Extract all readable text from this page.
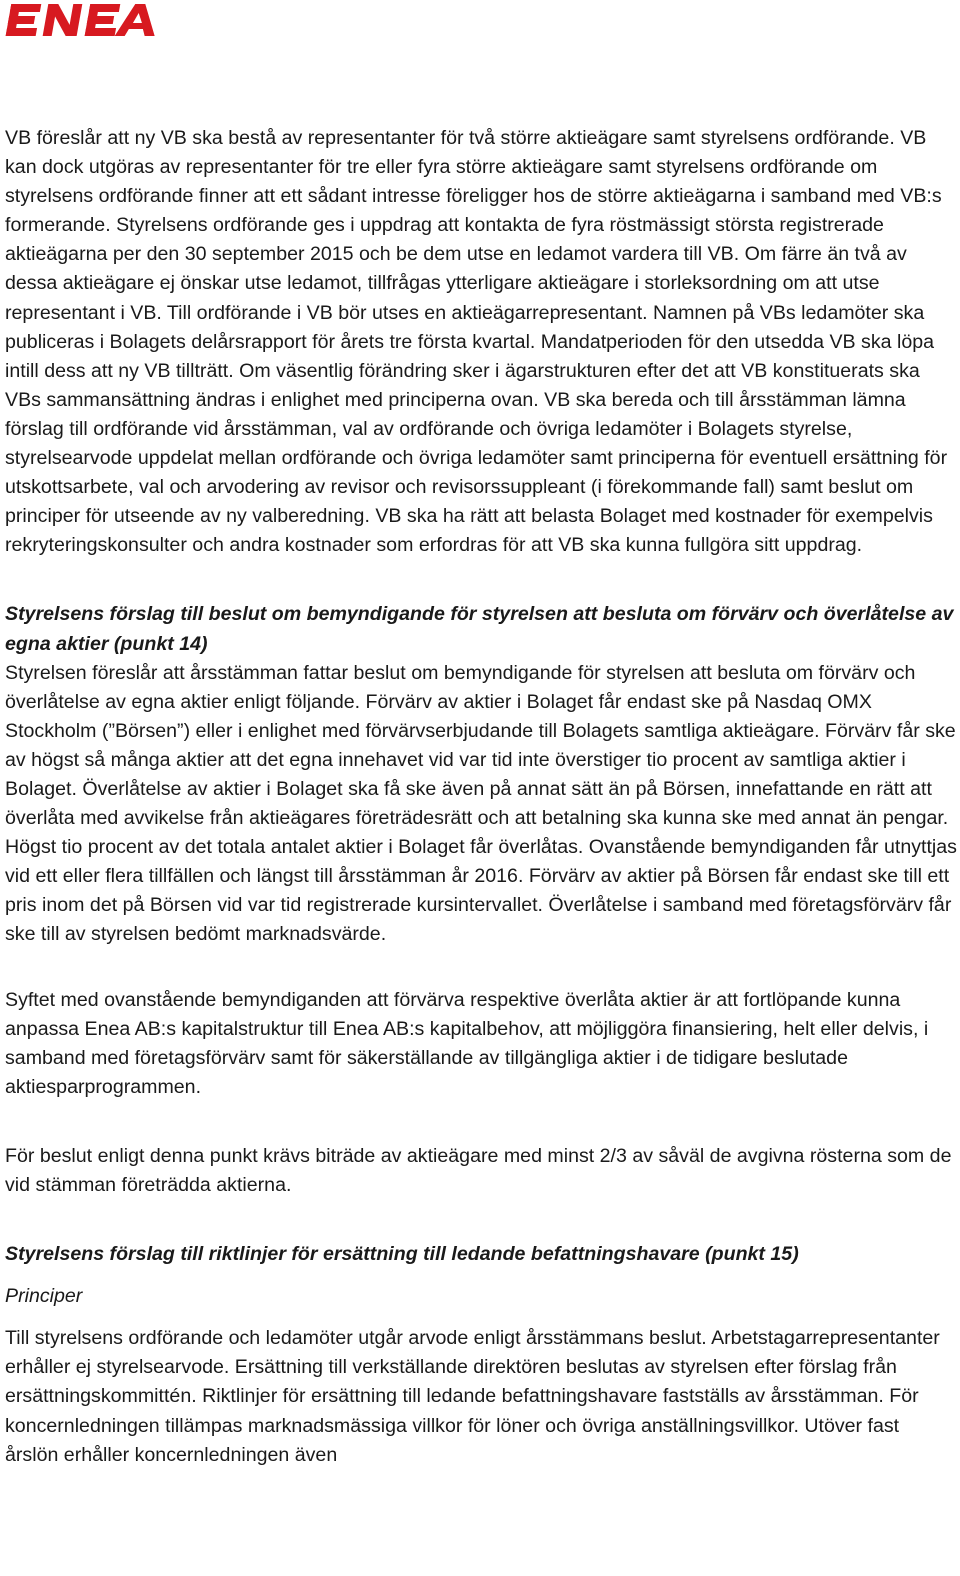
VB föreslår att ny VB ska bestå av representanter för två större aktieägare samt styrelsens ordförande. VB kan dock utgöras av representanter för tre eller fyra större aktieägare samt styrelsens ordförande om styrelsens ordförande finner att ett sådant intresse föreligger hos de större aktieägarna i samband med VB:s formerande. Styrelsens ordförande ges i uppdrag att kontakta de fyra röstmässigt största registrerade aktieägarna per den 30 september 2015 och be dem utse en ledamot vardera till VB. Om färre än två av dessa aktieägare ej önskar utse ledamot, tillfrågas ytterligare aktieägare i storleksordning om att utse representant i VB. Till ordförande i VB bör utses en aktieägarrepresentant. Namnen på VBs ledamöter ska publiceras i Bolagets delårsrapport för årets tre första kvartal. Mandatperioden för den utsedda VB ska löpa intill dess att ny VB tillträtt. Om väsentlig förändring sker i ägarstrukturen efter det att VB konstituerats ska VBs sammansättning ändras i enlighet med principerna ovan. VB ska bereda och till årsstämman lämna förslag till ordförande vid årsstämman, val av ordförande och övriga ledamöter i Bolagets styrelse, styrelsearvode uppdelat mellan ordförande och övriga ledamöter samt principerna för eventuell ersättning för utskottsarbete, val och arvodering av revisor och revisorssuppleant (i förekommande fall) samt beslut om principer för utseende av ny valberedning. VB ska ha rätt att belasta Bolaget med kostnader för exempelvis rekryteringskonsulter och andra kostnader som erfordras för att VB ska kunna fullgöra sitt uppdrag.

Styrelsens förslag till beslut om bemyndigande för styrelsen att besluta om förvärv och överlåtelse av egna aktier (punkt 14)

Styrelsen föreslår att årsstämman fattar beslut om bemyndigande för styrelsen att besluta om förvärv och överlåtelse av egna aktier enligt följande. Förvärv av aktier i Bolaget får endast ske på Nasdaq OMX Stockholm (”Börsen”) eller i enlighet med förvärvserbjudande till Bolagets samtliga aktieägare. Förvärv får ske av högst så många aktier att det egna innehavet vid var tid inte överstiger tio procent av samtliga aktier i Bolaget. Överlåtelse av aktier i Bolaget ska få ske även på annat sätt än på Börsen, innefattande en rätt att överlåta med avvikelse från aktieägares företrädesrätt och att betalning ska kunna ske med annat än pengar. Högst tio procent av det totala antalet aktier i Bolaget får överlåtas. Ovanstående bemyndiganden får utnyttjas vid ett eller flera tillfällen och längst till årsstämman år 2016. Förvärv av aktier på Börsen får endast ske till ett pris inom det på Börsen vid var tid registrerade kursintervallet. Överlåtelse i samband med företagsförvärv får ske till av styrelsen bedömt marknadsvärde.

Syftet med ovanstående bemyndiganden att förvärva respektive överlåta aktier är att fortlöpande kunna anpassa Enea AB:s kapitalstruktur till Enea AB:s kapitalbehov, att möjliggöra finansiering, helt eller delvis, i samband med företagsförvärv samt för säkerställande av tillgängliga aktier i de tidigare beslutade aktiesparprogrammen.

För beslut enligt denna punkt krävs biträde av aktieägare med minst 2/3 av såväl de avgivna rösterna som de vid stämman företrädda aktierna.

Styrelsens förslag till riktlinjer för ersättning till ledande befattningshavare (punkt 15)

Principer

Till styrelsens ordförande och ledamöter utgår arvode enligt årsstämmans beslut. Arbetstagarrepresentanter erhåller ej styrelsearvode. Ersättning till verkställande direktören beslutas av styrelsen efter förslag från ersättningskommittén. Riktlinjer för ersättning till ledande befattningshavare fastställs av årsstämman. För koncernledningen tillämpas marknadsmässiga villkor för löner och övriga anställningsvillkor. Utöver fast årslön erhåller koncernledningen även
